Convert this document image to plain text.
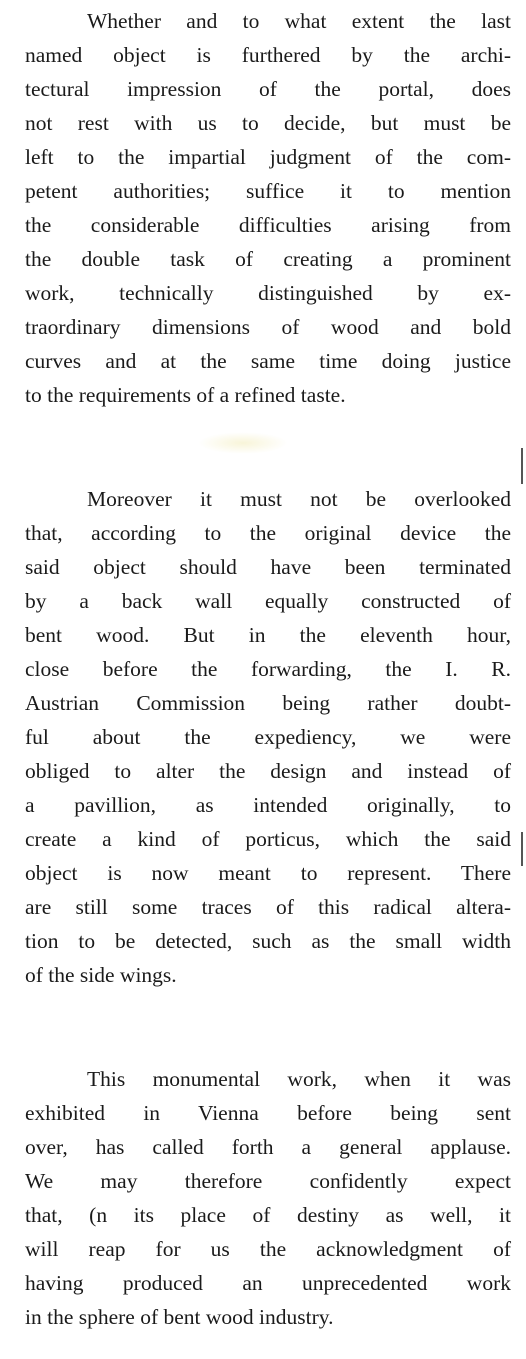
Whether and to what extent the last
named object is furthered by the archi-
tectural impression of the portal, does
not rest with us to decide, but must be
left to the impartial judgment of the com-
petent authorities; suffice it to mention
the considerable difficulties arising from
the double task of creating a prominent
work, technically distinguished by ex-
traordinary dimensions of wood and bold
curves and at the same time doing justice
to the requirements of a refined taste.
Moreover it must not be overlooked
that, according to the original device the
said object should have been terminated
by a back wall equally constructed of
bent wood. But in the eleventh hour,
close before the forwarding, the I. R.
Austrian Commission being rather doubt-
ful about the expediency, we were
obliged to alter the design and instead of
a pavillion, as intended originally, to
create a kind of porticus, which the said
object is now meant to represent. There
are still some traces of this radical altera-
tion to be detected, such as the small width
of the side wings.
This monumental work, when it was
exhibited in Vienna before being sent
over, has called forth a general applause.
We may therefore confidently expect
that, (n its place of destiny as well, it
will reap for us the acknowledgment of
having produced an unprecedented work
in the sphere of bent wood industry.
